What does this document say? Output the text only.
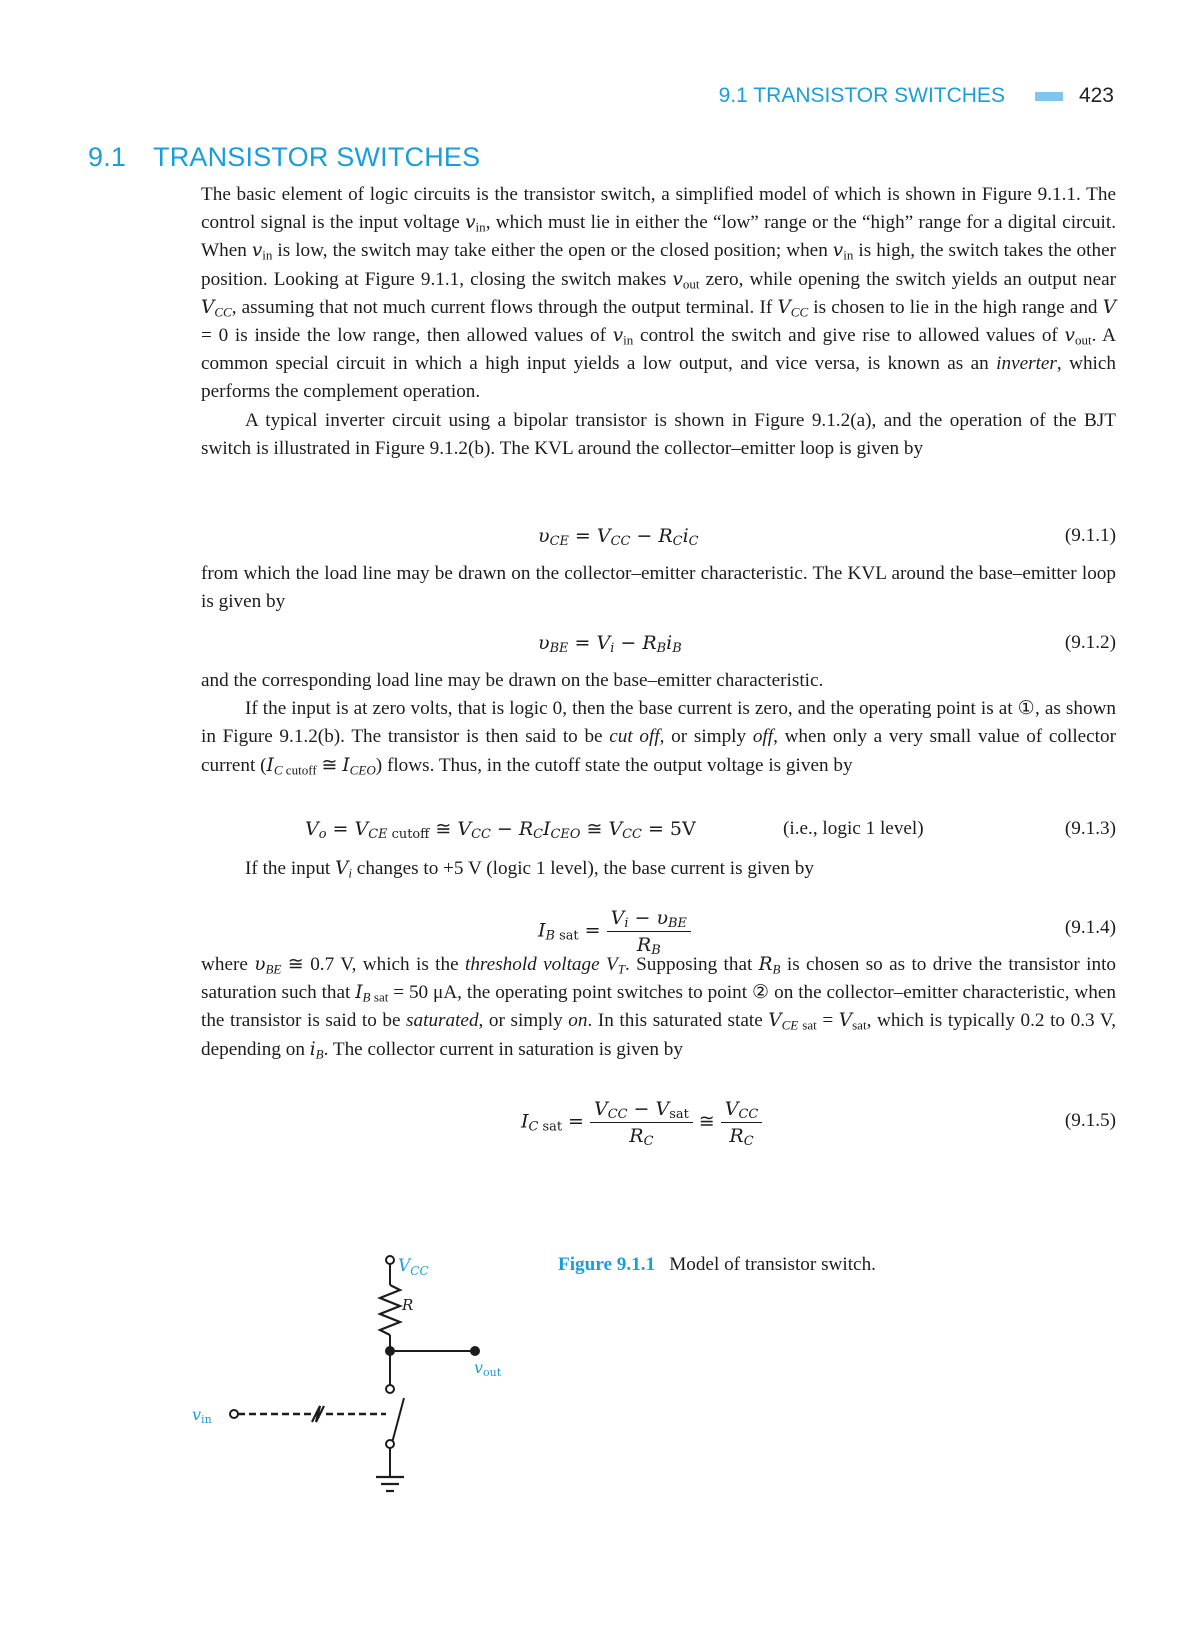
9.1 TRANSISTOR SWITCHES	423
9.1 TRANSISTOR SWITCHES

The basic element of logic circuits is the transistor switch, a simplified model of which is shown in Figure 9.1.1. The control signal is the input voltage $v_{in}$, which must lie in either the “low” range or the “high” range for a digital circuit. When $v_{in}$ is low, the switch may take either the open or the closed position; when $v_{in}$ is high, the switch takes the other position. Looking at Figure 9.1.1, closing the switch makes $v_{out}$ zero, while opening the switch yields an output near $V_{CC}$, assuming that not much current flows through the output terminal. If $V_{CC}$ is chosen to lie in the high range and V = 0 is inside the low range, then allowed values of $v_{in}$ control the switch and give rise to allowed values of $v_{out}$. A common special circuit in which a high input yields a low output, and vice versa, is known as an inverter, which performs the complement operation.

A typical inverter circuit using a bipolar transistor is shown in Figure 9.1.2(a), and the operation of the BJT switch is illustrated in Figure 9.1.2(b). The KVL around the collector–emitter loop is given by

$\upsilon_{CE} = V_{CC} - R_Ci_C$	(9.1.1)

from which the load line may be drawn on the collector–emitter characteristic. The KVL around the base–emitter loop is given by

$\upsilon_{BE} = V_i - R_Bi_B$	(9.1.2)

and the corresponding load line may be drawn on the base–emitter characteristic.

If the input is at zero volts, that is logic 0, then the base current is zero, and the operating point is at ①, as shown in Figure 9.1.2(b). The transistor is then said to be cut off, or simply off, when only a very small value of collector current ($I_{C cutoff}$ ≅ $I_{CEO}$) flows. Thus, in the cutoff state the output voltage is given by

$V_o = V_{CE cutoff}$ ≅ $V_{CC} - R_CI_{CEO}$ ≅ $V_{CC} = 5V$	(i.e., logic 1 level)	(9.1.3)

If the input $V_i$ changes to +5 V (logic 1 level), the base current is given by

$I_{B sat} = \frac{V_i - \upsilon_{BE}}{R_B}$	(9.1.4)

where $\upsilon_{BE}$ ≅ 0.7 V, which is the threshold voltage $V_T$. Supposing that $R_B$ is chosen so as to drive the transistor into saturation such that $I_{B sat} = 50$ μA, the operating point switches to point ② on the collector–emitter characteristic, when the transistor is said to be saturated, or simply on. In this saturated state $V_{CE sat} = V_{sat}$, which is typically 0.2 to 0.3 V, depending on $i_B$. The collector current in saturation is given by

$I_{C sat} = \frac{V_{CC} - V_{sat}}{R_C}$ ≅ $\frac{V_{CC}}{R_C}$	(9.1.5)
$V_{CC}$
R
vout
vin
Figure 9.1.1 Model of transistor switch.
